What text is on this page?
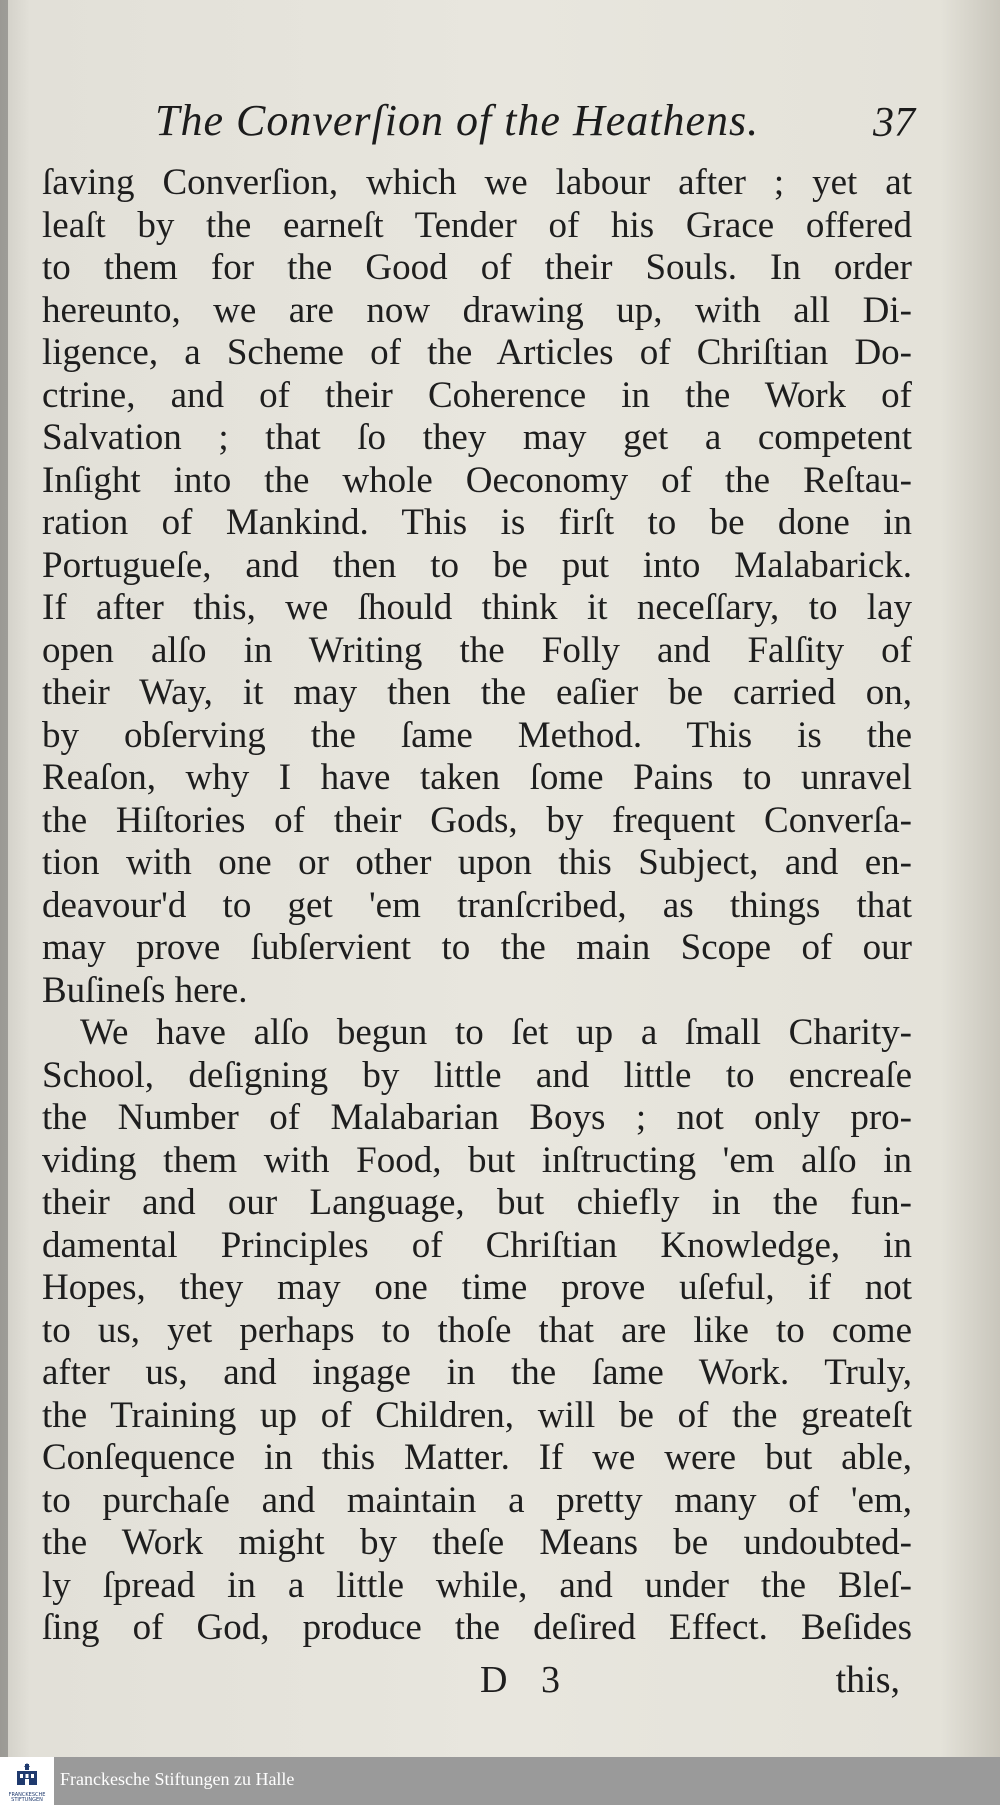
The Converſion of the Heathens.	37
ſaving Converſion, which we labour after ; yet at
leaſt by the earneſt Tender of his Grace offered
to them for the Good of their Souls. In order
hereunto, we are now drawing up, with all Di-
ligence, a Scheme of the Articles of Chriſtian Do-
ctrine, and of their Coherence in the Work of
Salvation ; that ſo they may get a competent
Inſight into the whole Oeconomy of the Reſtau-
ration of Mankind. This is firſt to be done in
Portugueſe, and then to be put into Malabarick.
If after this, we ſhould think it neceſſary, to lay
open alſo in Writing the Folly and Falſity of
their Way, it may then the eaſier be carried on,
by obſerving the ſame Method. This is the
Reaſon, why I have taken ſome Pains to unravel
the Hiſtories of their Gods, by frequent Converſa-
tion with one or other upon this Subject, and en-
deavour'd to get 'em tranſcribed, as things that
may prove ſubſervient to the main Scope of our
Buſineſs here.
We have alſo begun to ſet up a ſmall Charity-
School, deſigning by little and little to encreaſe
the Number of Malabarian Boys ; not only pro-
viding them with Food, but inſtructing 'em alſo in
their and our Language, but chiefly in the fun-
damental Principles of Chriſtian Knowledge, in
Hopes, they may one time prove uſeful, if not
to us, yet perhaps to thoſe that are like to come
after us, and ingage in the ſame Work. Truly,
the Training up of Children, will be of the greateſt
Conſequence in this Matter. If we were but able,
to purchaſe and maintain a pretty many of 'em,
the Work might by theſe Means be undoubted-
ly ſpread in a little while, and under the Bleſ-
ſing of God, produce the deſired Effect. Beſides
D 3	this,
FRANCKESCHE STIFTUNGEN
Franckesche Stiftungen zu Halle
